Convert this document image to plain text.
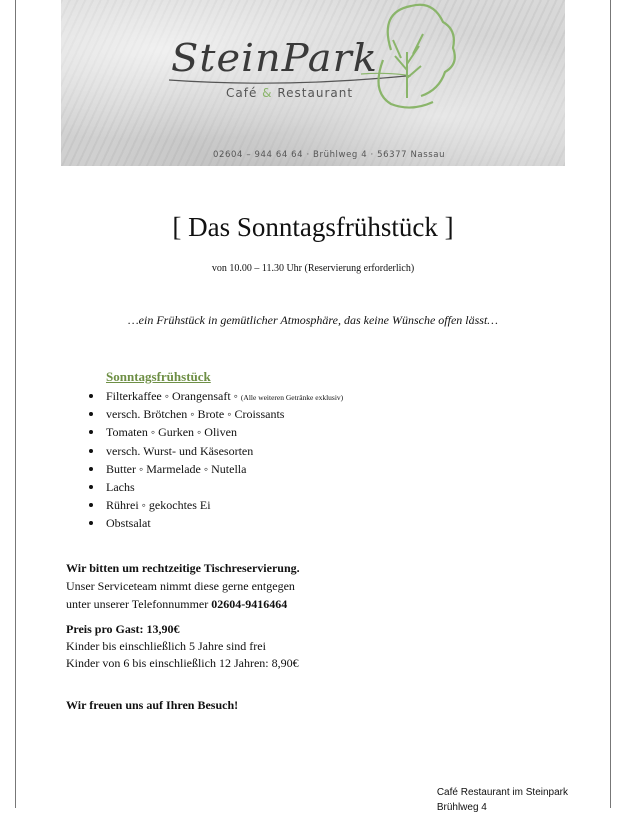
SteinPark
Café & Restaurant
02604 – 944 64 64 · Brühlweg 4 · 56377 Nassau
[ Das Sonntagsfrühstück ]
von 10.00 – 11.30 Uhr (Reservierung erforderlich)
…ein Frühstück in gemütlicher Atmosphäre, das keine Wünsche offen lässt…
Sonntagsfrühstück
Filterkaffee ◦ Orangensaft ◦ (Alle weiteren Getränke exklusiv)
versch. Brötchen ◦ Brote ◦ Croissants
Tomaten ◦ Gurken ◦ Oliven
versch. Wurst- und Käsesorten
Butter ◦ Marmelade ◦ Nutella
Lachs
Rührei ◦ gekochtes Ei
Obstsalat
Wir bitten um rechtzeitige Tischreservierung.
Unser Serviceteam nimmt diese gerne entgegen
unter unserer Telefonnummer 02604-9416464
Preis pro Gast: 13,90€
Kinder bis einschließlich 5 Jahre sind frei
Kinder von 6 bis einschließlich 12 Jahren: 8,90€
Wir freuen uns auf Ihren Besuch!
Café Restaurant im Steinpark
Brühlweg 4
